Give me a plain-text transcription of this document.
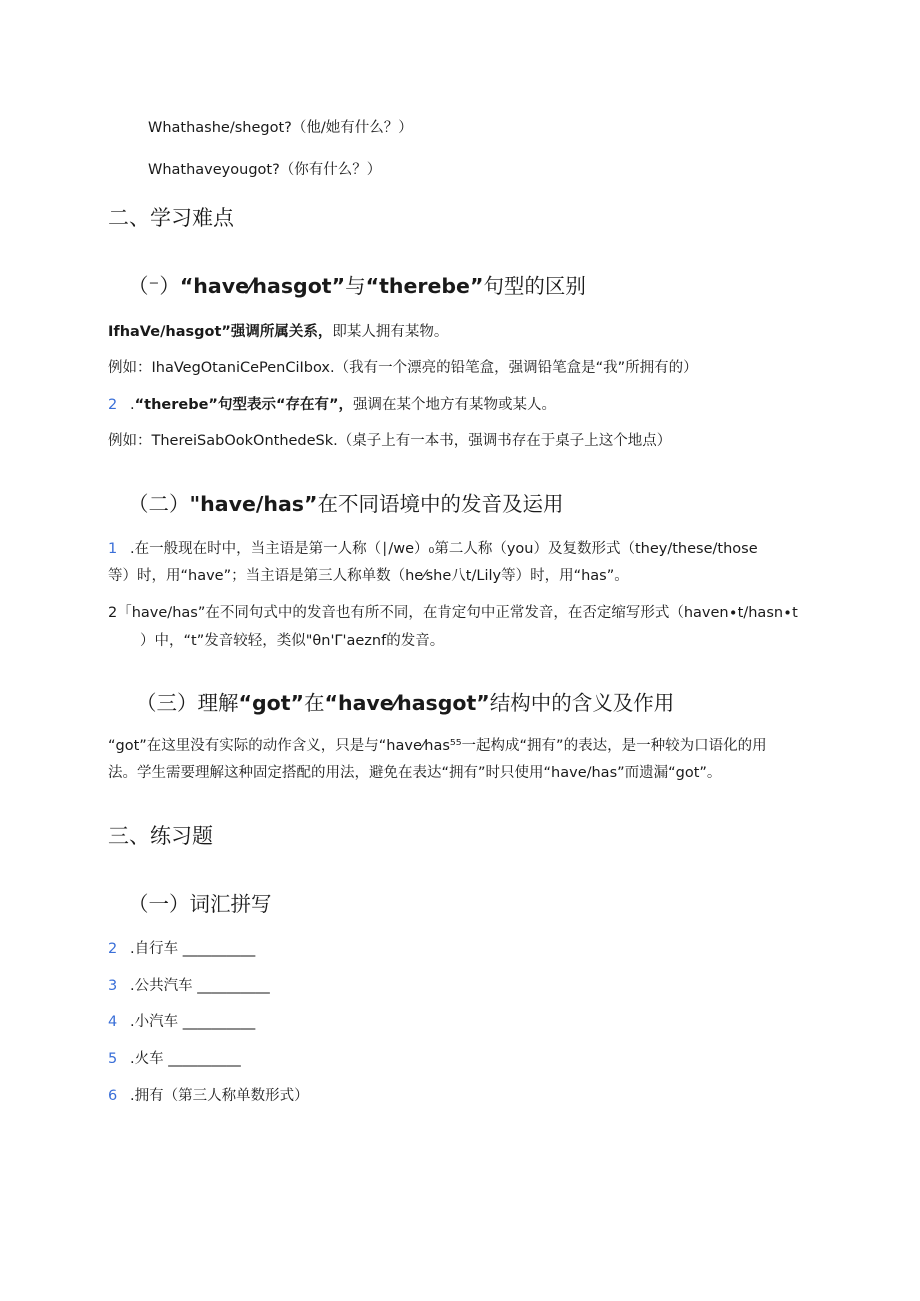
Whathashe/shegot?（他/她有什么？）
Whathaveyougot?（你有什么？）
二、学习难点
（⁻）“have⁄hasgot”与“therebe”句型的区别
IfhaVe/hasgot”强调所属关系，即某人拥有某物。
例如：IhaVegOtaniCePenCiIbox.（我有一个漂亮的铅笔盒，强调铅笔盒是“我”所拥有的）
2 .“therebe”句型表示“存在有”，强调在某个地方有某物或某人。
例如：ThereiSabOokOnthedeSk.（桌子上有一本书，强调书存在于桌子上这个地点）
（二）"have/has”在不同语境中的发音及运用
1 .在一般现在时中，当主语是第一人称（∣∕we）₀第二人称（you）及复数形式（they/these/those
等）时，用“have”；当主语是第三人称单数（he⁄she八t/Lily等）时，用“has”。
2「have/has”在不同句式中的发音也有所不同，在肯定句中正常发音，在否定缩写形式（haven∙t∕hasn∙t
）中，“t”发音较轻，类似"θn'Γ'aeznf的发音。
（三）理解“got”在“have⁄hasgot”结构中的含义及作用
“got”在这里没有实际的动作含义，只是与“have⁄has⁵⁵一起构成“拥有”的表达，是一种较为口语化的用
法。学生需要理解这种固定搭配的用法，避免在表达“拥有”时只使用“have/has”而遗漏“got”。
三、练习题
（一）词汇拼写
2 .自行车 __________
3 .公共汽车 __________
4 .小汽车 __________
5 .火车 __________
6 .拥有（第三人称单数形式）
